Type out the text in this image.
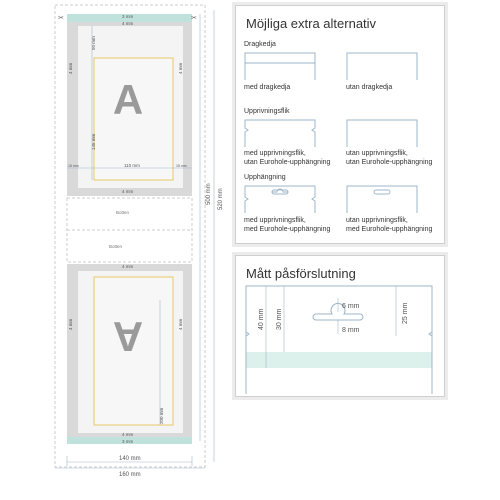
A
Botten
Botten
A
✂	✂
3 mm
4 mm
50 mm
4 mm	4 mm
145 mm
15 mm	110 mm	15 mm
4 mm
4 mm
4 mm	4 mm
200 mm
4 mm
3 mm
500 mm 520 mm
140 mm
160 mm
Möjliga extra alternativ
Dragkedja
med dragkedja	utan dragkedja
Upprivningsflik
med upprivningsflik,
utan Eurohole-upphängning
utan upprivningsflik,
utan Eurohole-upphängning
Upphängning
med upprivningsflik,
med Eurohole-upphängning
utan upprivningsflik,
med Eurohole-upphängning
Mått påsförslutning
6 mm
8 mm
40 mm 30 mm	25 mm
